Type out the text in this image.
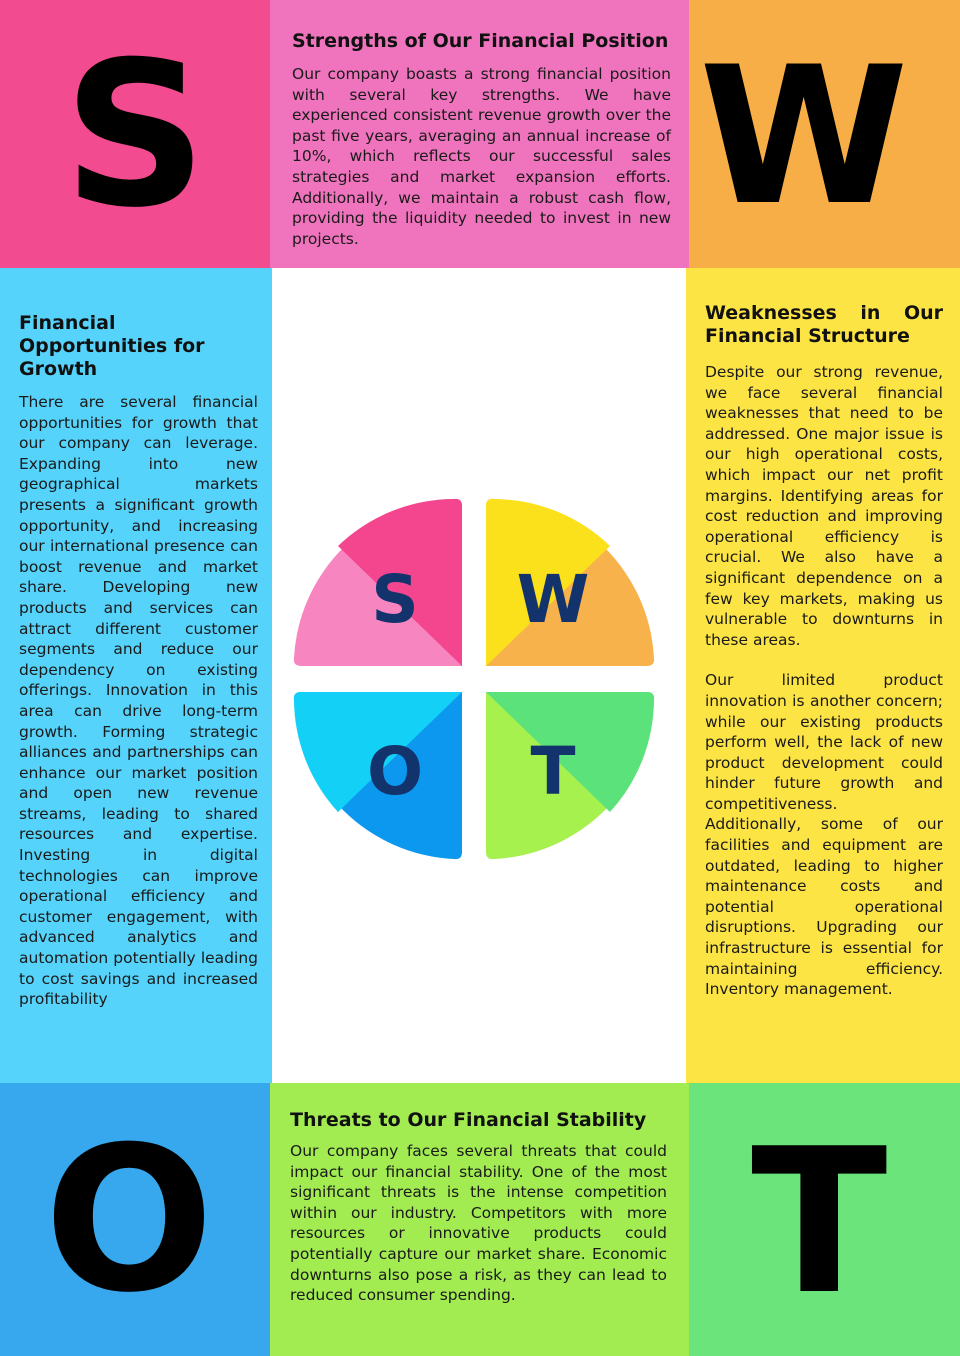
S	Strengths of Our Financial Position

Our company boasts a strong financial position with several key strengths. We have experienced consistent revenue growth over the past five years, averaging an annual increase of 10%, which reflects our successful sales strategies and market expansion efforts. Additionally, we maintain a robust cash flow, providing the liquidity needed to invest in new projects.	W
Financial Opportunities for Growth

There are several financial opportunities for growth that our company can leverage. Expanding into new geographical markets presents a significant growth opportunity, and increasing our international presence can boost revenue and market share. Developing new products and services can attract different customer segments and reduce our dependency on existing offerings. Innovation in this area can drive long-term growth. Forming strategic alliances and partnerships can enhance our market position and open new revenue streams, leading to shared resources and expertise. Investing in digital technologies can improve operational efficiency and customer engagement, with advanced analytics and automation potentially leading to cost savings and increased profitability

S W
O T
Weaknesses in Our Financial Structure

Despite our strong revenue, we face several financial weaknesses that need to be addressed. One major issue is our high operational costs, which impact our net profit margins. Identifying areas for cost reduction and improving operational efficiency is crucial. We also have a significant dependence on a few key markets, making us vulnerable to downturns in these areas.

Our limited product innovation is another concern; while our existing products perform well, the lack of new product development could hinder future growth and competitiveness.

Additionally, some of our facilities and equipment are outdated, leading to higher maintenance costs and potential operational disruptions. Upgrading our infrastructure is essential for maintaining efficiency. Inventory management.

O	Threats to Our Financial Stability

Our company faces several threats that could impact our financial stability. One of the most significant threats is the intense competition within our industry. Competitors with more resources or innovative products could potentially capture our market share. Economic downturns also pose a risk, as they can lead to reduced consumer spending.	T
